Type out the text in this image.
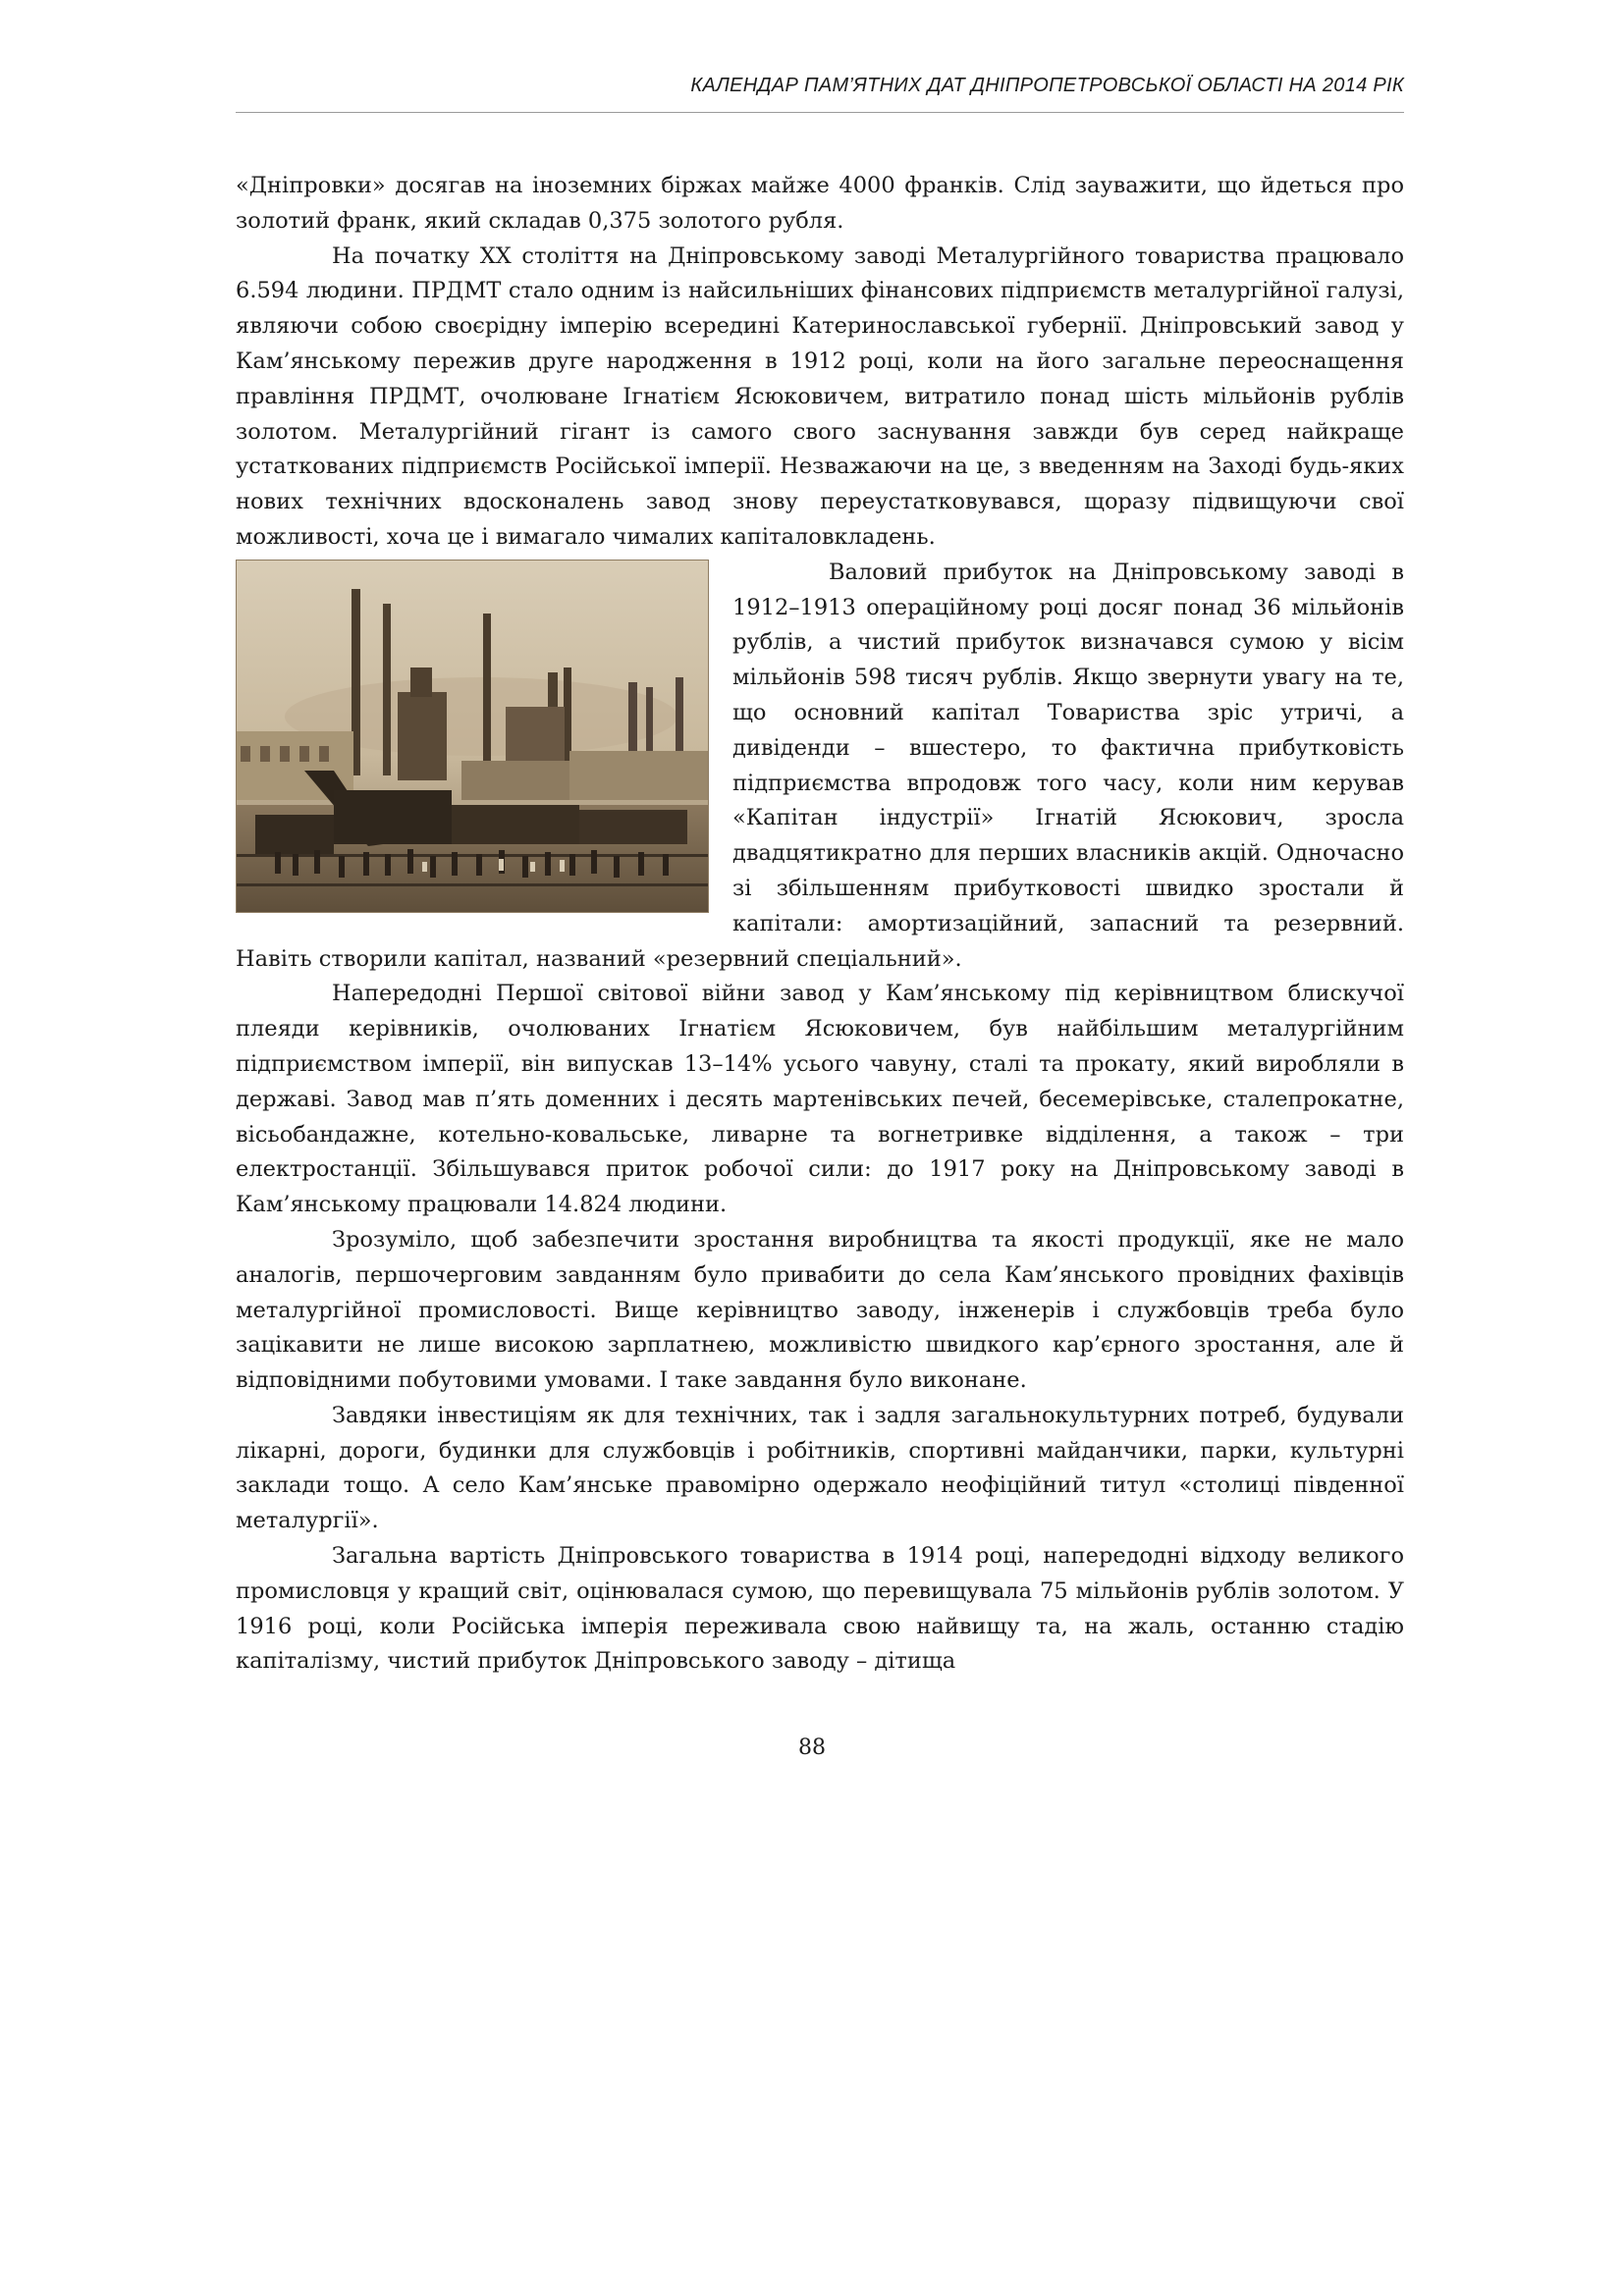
КАЛЕНДАР ПАМ’ЯТНИХ ДАТ ДНІПРОПЕТРОВСЬКОЇ ОБЛАСТІ НА 2014 РІК

«Дніпровки» досягав на іноземних біржах майже 4000 франків. Слід зауважити, що йдеться про золотий франк, який складав 0,375 золотого рубля.

На початку XX століття на Дніпровському заводі Металургійного товариства працювало 6.594 людини. ПРДМТ стало одним із найсильніших фінансових підприємств металургійної галузі, являючи собою своєрідну імперію всередині Катеринославської губернії. Дніпровський завод у Кам’янському пережив друге народження в 1912 році, коли на його загальне переоснащення правління ПРДМТ, очолюване Ігнатієм Ясюковичем, витратило понад шість мільйонів рублів золотом. Металургійний гігант із самого свого заснування завжди був серед найкраще устаткованих підприємств Російської імперії. Незважаючи на це, з введенням на Заході будь-яких нових технічних вдосконалень завод знову переустатковувався, щоразу підвищуючи свої можливості, хоча це і вимагало чималих капіталовкладень.

Валовий прибуток на Дніпровському заводі в 1912–1913 операційному році досяг понад 36 мільйонів рублів, а чистий прибуток визначався сумою у вісім мільйонів 598 тисяч рублів. Якщо звернути увагу на те, що основний капітал Товариства зріс утричі, а дивіденди – вшестеро, то фактична прибутковість підприємства впродовж того часу, коли ним керував «Капітан індустрії» Ігнатій Ясюкович, зросла двадцятикратно для перших власників акцій. Одночасно зі збільшенням прибутковості швидко зростали й капітали: амортизаційний, запасний та резервний. Навіть створили капітал, названий «резервний спеціальний».

Напередодні Першої світової війни завод у Кам’янському під керівництвом блискучої плеяди керівників, очолюваних Ігнатієм Ясюковичем, був найбільшим металургійним підприємством імперії, він випускав 13–14% усього чавуну, сталі та прокату, який виробляли в державі. Завод мав п’ять доменних і десять мартенівських печей, бесемерівське, сталепрокатне, вісьобандажне, котельно-ковальське, ливарне та вогнетривке відділення, а також – три електростанції. Збільшувався приток робочої сили: до 1917 року на Дніпровському заводі в Кам’янському працювали 14.824 людини.

Зрозуміло, щоб забезпечити зростання виробництва та якості продукції, яке не мало аналогів, першочерговим завданням було привабити до села Кам’янського провідних фахівців металургійної промисловості. Вище керівництво заводу, інженерів і службовців треба було зацікавити не лише високою зарплатнею, можливістю швидкого кар’єрного зростання, але й відповідними побутовими умовами. І таке завдання було виконане.

Завдяки інвестиціям як для технічних, так і задля загальнокультурних потреб, будували лікарні, дороги, будинки для службовців і робітників, спортивні майданчики, парки, культурні заклади тощо. А село Кам’янське правомірно одержало неофіційний титул «столиці південної металургії».

Загальна вартість Дніпровського товариства в 1914 році, напередодні відходу великого промисловця у кращий світ, оцінювалася сумою, що перевищувала 75 мільйонів рублів золотом. У 1916 році, коли Російська імперія переживала свою найвищу та, на жаль, останню стадію капіталізму, чистий прибуток Дніпровського заводу – дітища

88
